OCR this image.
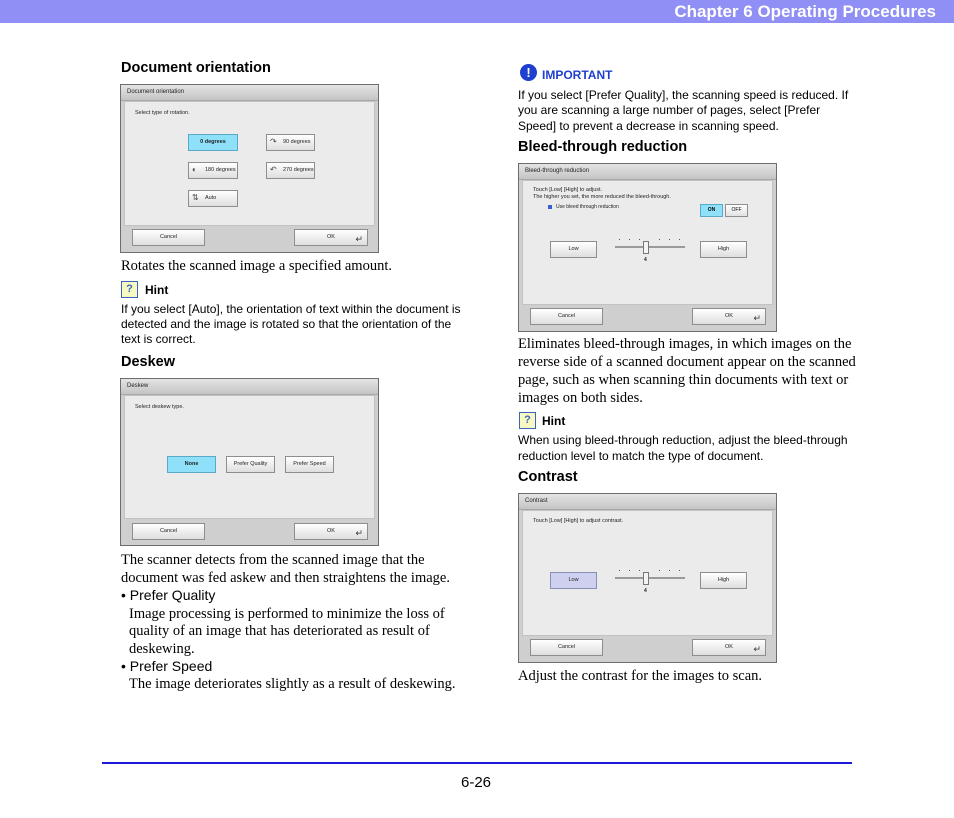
Chapter 6 Operating Procedures
Document orientation
Document orientation
Select type of rotation.
0 degrees	↷ 90 degrees
◐ 180 degrees	↶ 270 degrees
⇅ Auto
Cancel	OK ↵
Rotates the scanned image a specified amount.
?	Hint
If you select [Auto], the orientation of text within the document is
detected and the image is rotated so that the orientation of the
text is correct.
Deskew
Deskew
Select deskew type.
None	Prefer Quality	Prefer Speed
Cancel	OK ↵
The scanner detects from the scanned image that the
document was fed askew and then straightens the image.
• Prefer Quality
Image processing is performed to minimize the loss of
quality of an image that has deteriorated as result of
deskewing.
• Prefer Speed
The image deteriorates slightly as a result of deskewing.
! IMPORTANT
If you select [Prefer Quality], the scanning speed is reduced. If
you are scanning a large number of pages, select [Prefer
Speed] to prevent a decrease in scanning speed.
Bleed-through reduction
Bleed-through reduction
Touch [Low] [High] to adjust.
The higher you set, the more reduced the bleed-through.
Use bleed through reduction	ON	OFF
Low	High
4
Cancel	OK ↵
Eliminates bleed-through images, in which images on the
reverse side of a scanned document appear on the scanned
page, such as when scanning thin documents with text or
images on both sides.
? Hint
When using bleed-through reduction, adjust the bleed-through
reduction level to match the type of document.
Contrast
Contrast
Touch [Low] [High] to adjust contrast.
Low	High
4
Cancel	OK ↵
Adjust the contrast for the images to scan.
6-26
